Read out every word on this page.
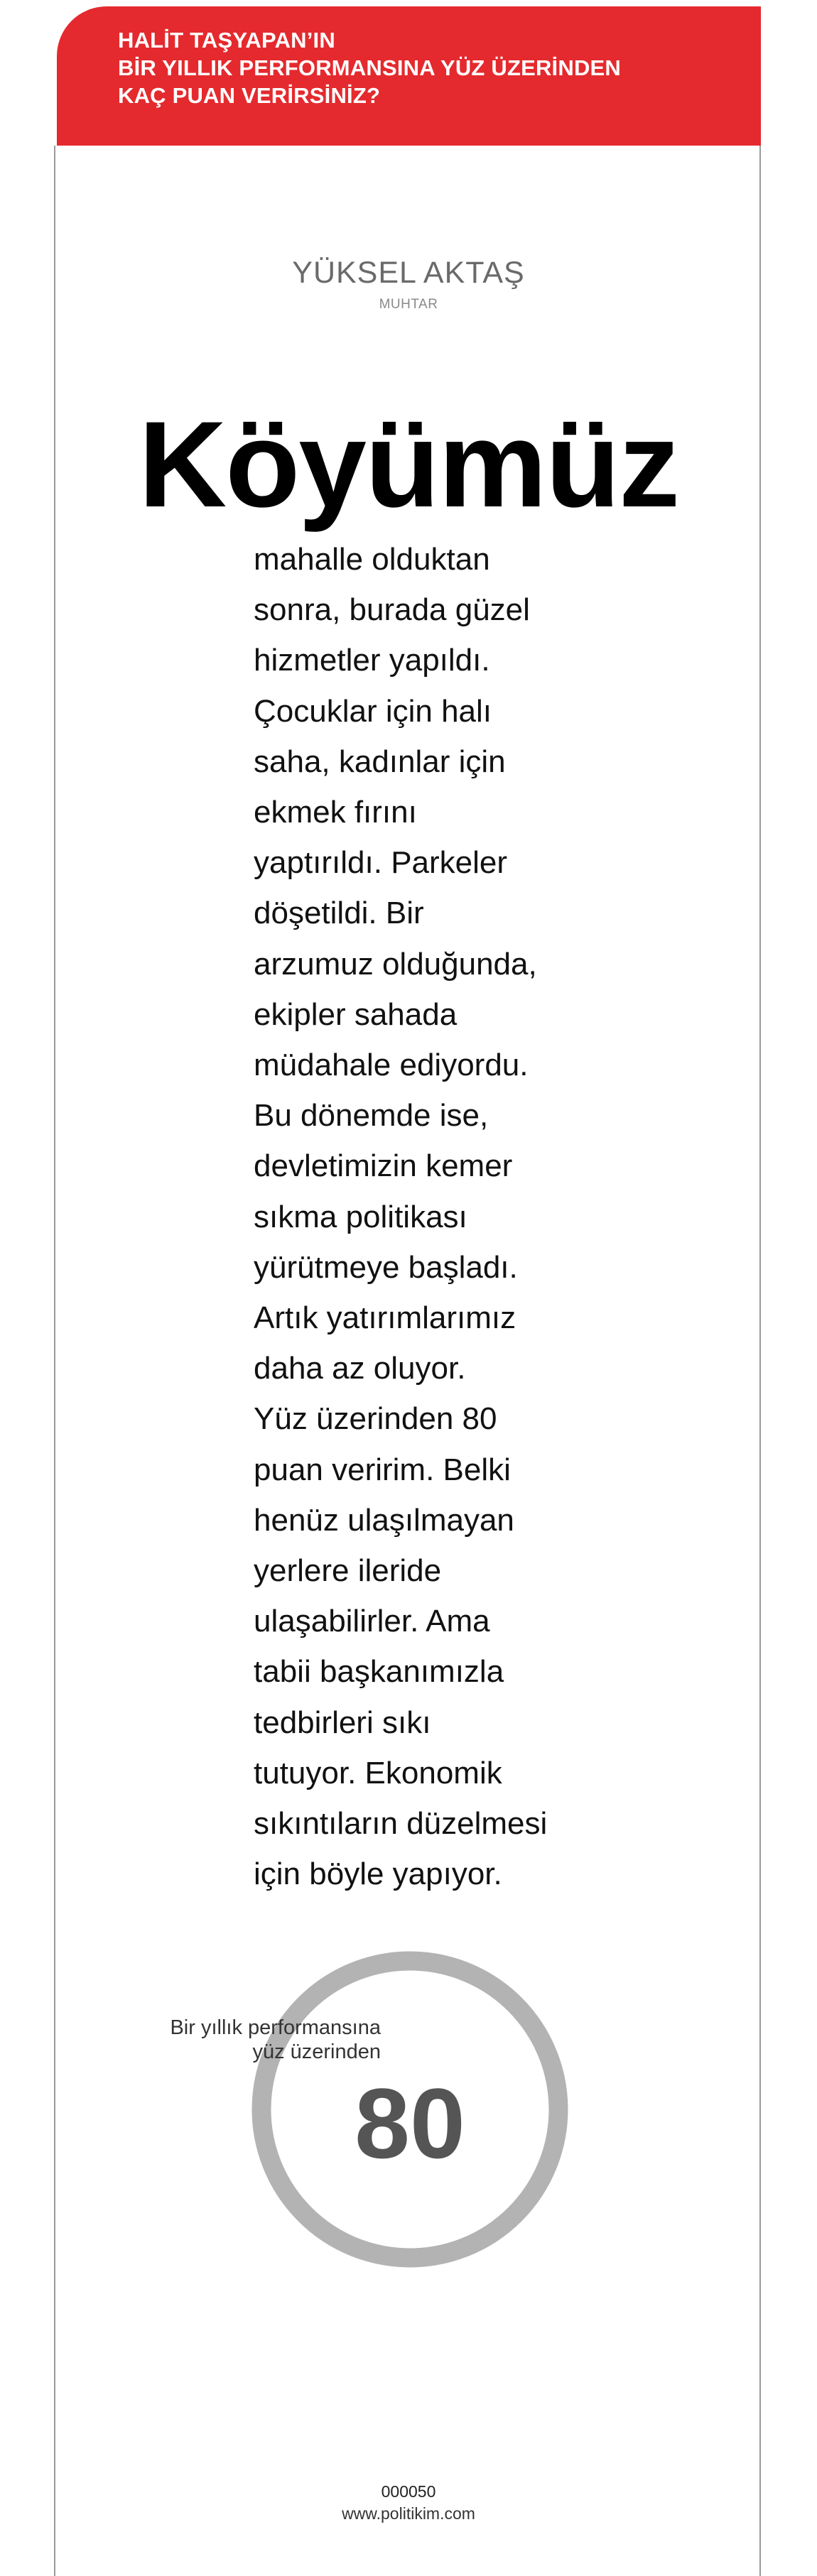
HALİT TAŞYAPAN’IN
BİR YILLIK PERFORMANSINA YÜZ ÜZERİNDEN
KAÇ PUAN VERİRSİNİZ?
YÜKSEL AKTAŞ
MUHTAR
Köyümüz
mahalle olduktan
sonra, burada güzel
hizmetler yapıldı.
Çocuklar için halı
saha, kadınlar için
ekmek fırını
yaptırıldı. Parkeler
döşetildi. Bir
arzumuz olduğunda,
ekipler sahada
müdahale ediyordu.
Bu dönemde ise,
devletimizin kemer
sıkma politikası
yürütmeye başladı.
Artık yatırımlarımız
daha az oluyor.
Yüz üzerinden 80
puan veririm. Belki
henüz ulaşılmayan
yerlere ileride
ulaşabilirler. Ama
tabii başkanımızla
tedbirleri sıkı
tutuyor. Ekonomik
sıkıntıların düzelmesi
için böyle yapıyor.
Bir yıllık performansına
yüz üzerinden
80
000050
www.politikim.com
